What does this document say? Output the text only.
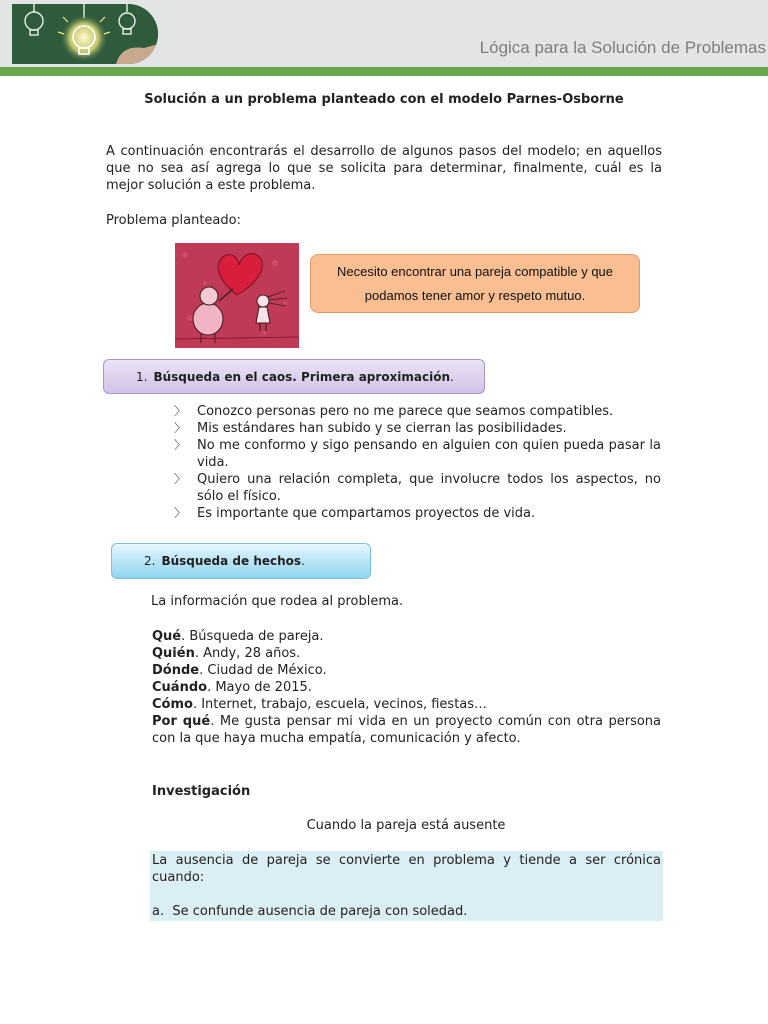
Lógica para la Solución de Problemas
Solución a un problema planteado con el modelo Parnes-Osborne
A continuación encontrarás el desarrollo de algunos pasos del modelo; en aquellos que no sea así agrega lo que se solicita para determinar, finalmente, cuál es la mejor solución a este problema.
Problema planteado:
Necesito encontrar una pareja compatible y que podamos tener amor y respeto mutuo.
1. Búsqueda en el caos. Primera aproximación .
〉 Conozco personas pero no me parece que seamos compatibles.
〉 Mis estándares han subido y se cierran las posibilidades.
〉 No me conformo y sigo pensando en alguien con quien pueda pasar la vida.
〉 Quiero una relación completa, que involucre todos los aspectos, no sólo el físico.
〉 Es importante que compartamos proyectos de vida.
2. Búsqueda de hechos .
La información que rodea al problema.
Qué. Búsqueda de pareja.
Quién. Andy, 28 años.
Dónde. Ciudad de México.
Cuándo. Mayo de 2015.
Cómo. Internet, trabajo, escuela, vecinos, fiestas…
Por qué. Me gusta pensar mi vida en un proyecto común con otra persona con la que haya mucha empatía, comunicación y afecto.
Investigación
Cuando la pareja está ausente
La ausencia de pareja se convierte en problema y tiende a ser crónica cuando:
a. Se confunde ausencia de pareja con soledad.
